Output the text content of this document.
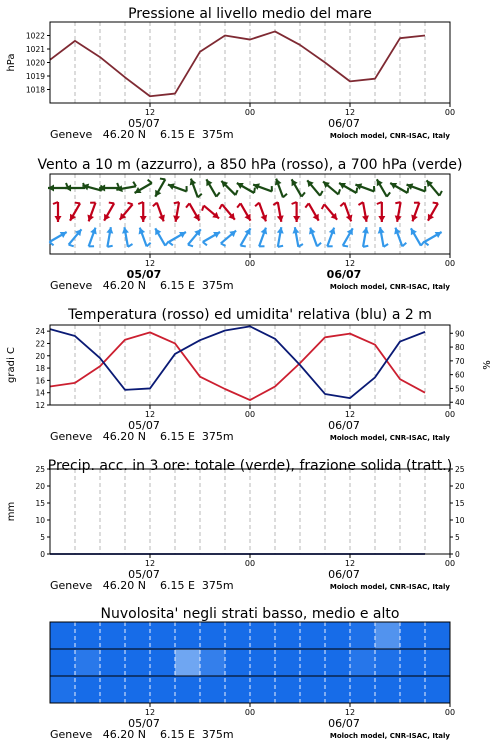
1018
1019
1020
1021
1022
Pressione al livello medio del mare
hPa
12	00	12	00
05/07	06/07
Geneve   46.20 N    6.15 E  375m	Moloch model, CNR-ISAC, Italy
Vento a 10 m (azzurro), a 850 hPa (rosso), a 700 hPa (verde)
12	00	12	00
05/07	06/07
Geneve   46.20 N    6.15 E  375m	Moloch model, CNR-ISAC, Italy
12
14
16
18
20
22
24
40
50
60
70
80
90
Temperatura (rosso) ed umidita' relativa (blu) a 2 m
gradi C	%
12	00	12	00
05/07	06/07
Geneve   46.20 N    6.15 E  375m	Moloch model, CNR-ISAC, Italy
0
5
10
15
20
25
0
5
10
15
20
25
Precip. acc. in 3 ore: totale (verde), frazione solida (tratt.)
mm
12	00	12	00
05/07	06/07
Geneve   46.20 N    6.15 E  375m	Moloch model, CNR-ISAC, Italy
Nuvolosita' negli strati basso, medio e alto
12	00	12	00
05/07	06/07
Geneve   46.20 N    6.15 E  375m	Moloch model, CNR-ISAC, Italy
